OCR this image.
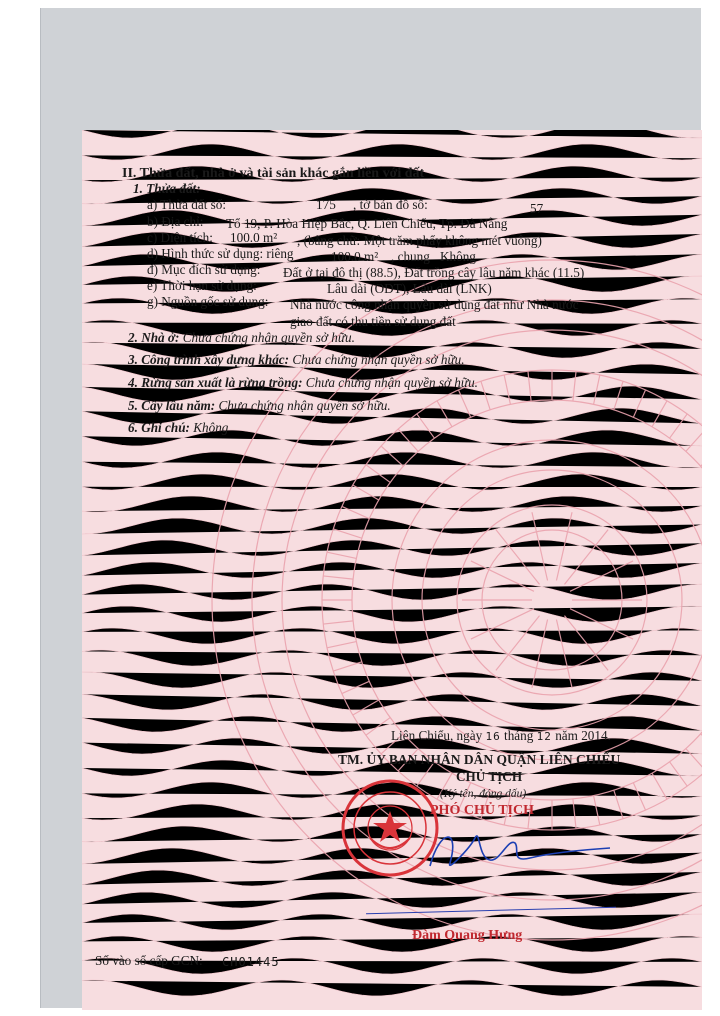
II. Thửa đất, nhà ở và tài sản khác gắn liền với đất
1. Thửa đất:
a) Thửa đất số:	175 , tờ bản đồ số:	57
b) Địa chỉ: Tổ 19, P. Hòa Hiệp Bắc, Q. Liên Chiểu, Tp. Đà Nẵng
c) Diện tích: 100.0 m² , (bằng chữ: Một trăm phẩy không mét vuông)
d) Hình thức sử dụng: riêng	100.0 m² , chung Không
đ) Mục đích sử dụng: Đất ở tại đô thị (88.5), Đất trồng cây lâu năm khác (11.5)
e) Thời hạn sử dụng:	Lâu dài (ODT), Lâu dài (LNK)
g) Nguồn gốc sử dụng: Nhà nước công nhận quyền sử dụng đất như Nhà nước
giao đất có thu tiền sử dụng đất
2. Nhà ở: Chưa chứng nhận quyền sở hữu.
3. Công trình xây dựng khác: Chưa chứng nhận quyền sở hữu.
4. Rừng sản xuất là rừng trồng: Chưa chứng nhận quyền sở hữu.
5. Cây lâu năm: Chưa chứng nhận quyền sở hữu.
6. Ghi chú: Không
Liên Chiểu, ngày 16 tháng 12 năm 2014.
TM. ỦY BAN NHÂN DÂN QUẬN LIÊN CHIỂU
CHỦ TỊCH
(Ký tên, đóng dấu)
PHÓ CHỦ TỊCH
Đàm Quang Hưng
Số vào sổ cấp GCN: CH01445
